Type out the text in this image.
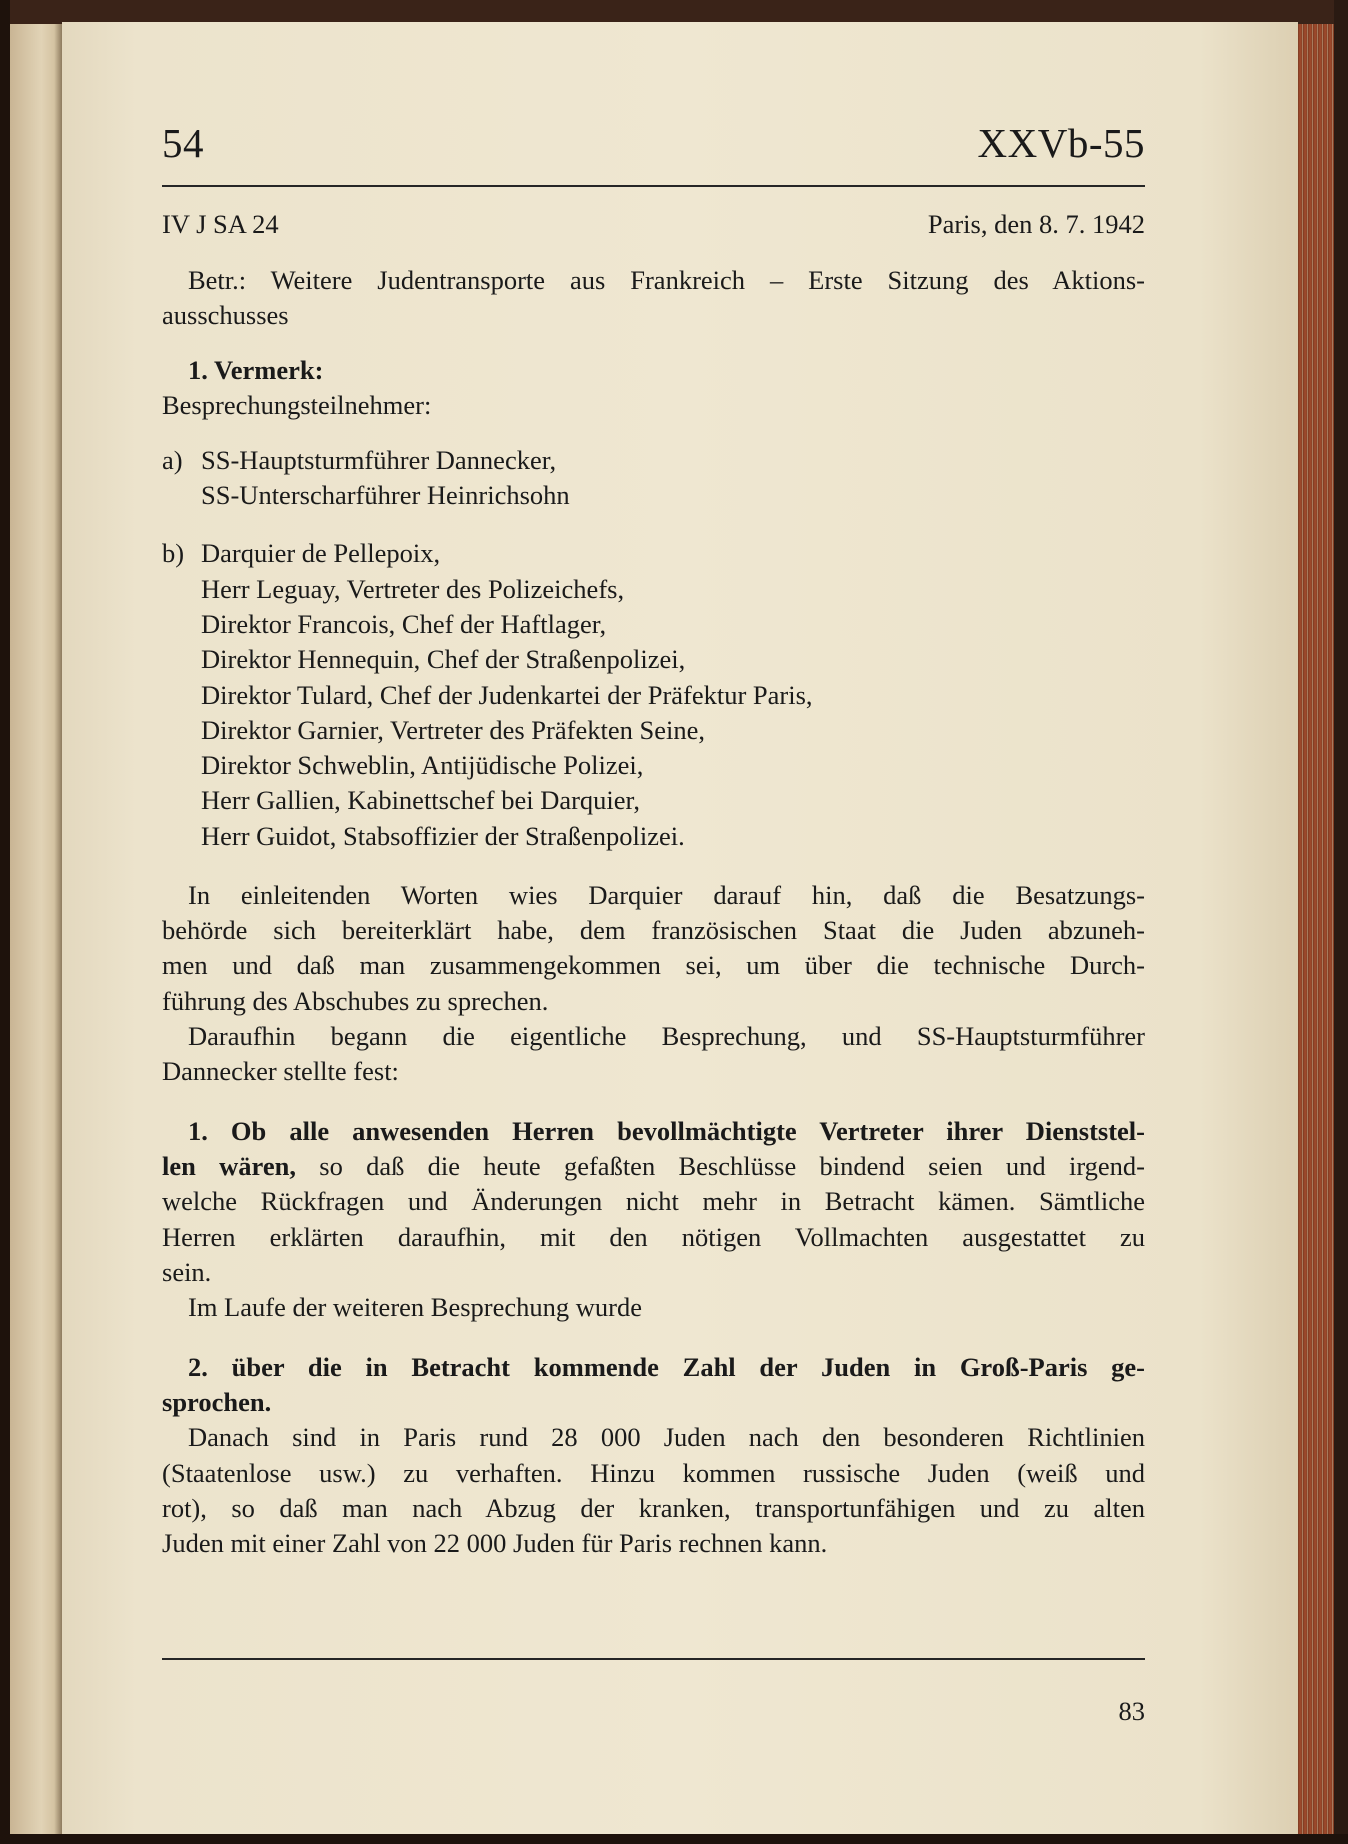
54	XXVb-55
IV J SA 24	Paris, den 8. 7. 1942
Betr.: Weitere Judentransporte aus Frankreich – Erste Sitzung des Aktions-
ausschusses
1. Vermerk:
Besprechungsteilnehmer:
a) SS-Hauptsturmführer Dannecker,
SS-Unterscharführer Heinrichsohn
b) Darquier de Pellepoix,
Herr Leguay, Vertreter des Polizeichefs,
Direktor Francois, Chef der Haftlager,
Direktor Hennequin, Chef der Straßenpolizei,
Direktor Tulard, Chef der Judenkartei der Präfektur Paris,
Direktor Garnier, Vertreter des Präfekten Seine,
Direktor Schweblin, Antijüdische Polizei,
Herr Gallien, Kabinettschef bei Darquier,
Herr Guidot, Stabsoffizier der Straßenpolizei.
In einleitenden Worten wies Darquier darauf hin, daß die Besatzungs-
behörde sich bereiterklärt habe, dem französischen Staat die Juden abzuneh-
men und daß man zusammengekommen sei, um über die technische Durch-
führung des Abschubes zu sprechen.
Daraufhin begann die eigentliche Besprechung, und SS-Hauptsturmführer
Dannecker stellte fest:
1. Ob alle anwesenden Herren bevollmächtigte Vertreter ihrer Dienststel-
len wären, so daß die heute gefaßten Beschlüsse bindend seien und irgend-
welche Rückfragen und Änderungen nicht mehr in Betracht kämen. Sämtliche
Herren erklärten daraufhin, mit den nötigen Vollmachten ausgestattet zu
sein.
Im Laufe der weiteren Besprechung wurde
2. über die in Betracht kommende Zahl der Juden in Groß-Paris ge-
sprochen.
Danach sind in Paris rund 28 000 Juden nach den besonderen Richtlinien
(Staatenlose usw.) zu verhaften. Hinzu kommen russische Juden (weiß und
rot), so daß man nach Abzug der kranken, transportunfähigen und zu alten
Juden mit einer Zahl von 22 000 Juden für Paris rechnen kann.
83
